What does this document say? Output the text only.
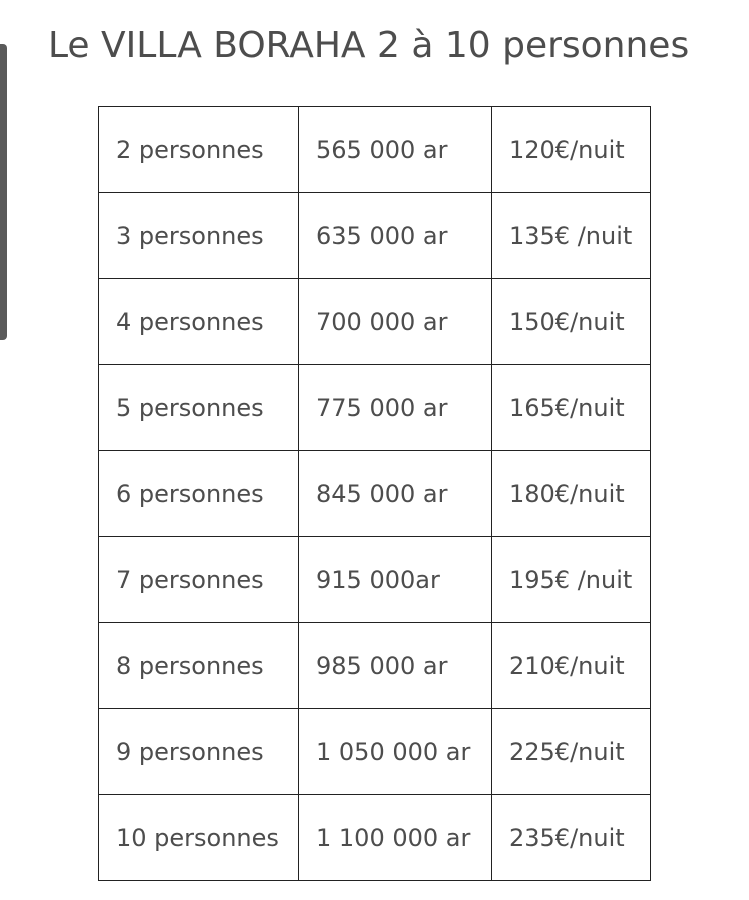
Le VILLA BORAHA 2 à 10 personnes
2 personnes	565 000 ar	120€/nuit
3 personnes	635 000 ar	135€ /nuit
4 personnes	700 000 ar	150€/nuit
5 personnes	775 000 ar	165€/nuit
6 personnes	845 000 ar	180€/nuit
7 personnes	915 000ar	195€ /nuit
8 personnes	985 000 ar	210€/nuit
9 personnes	1 050 000 ar	225€/nuit
10 personnes	1 100 000 ar	235€/nuit
